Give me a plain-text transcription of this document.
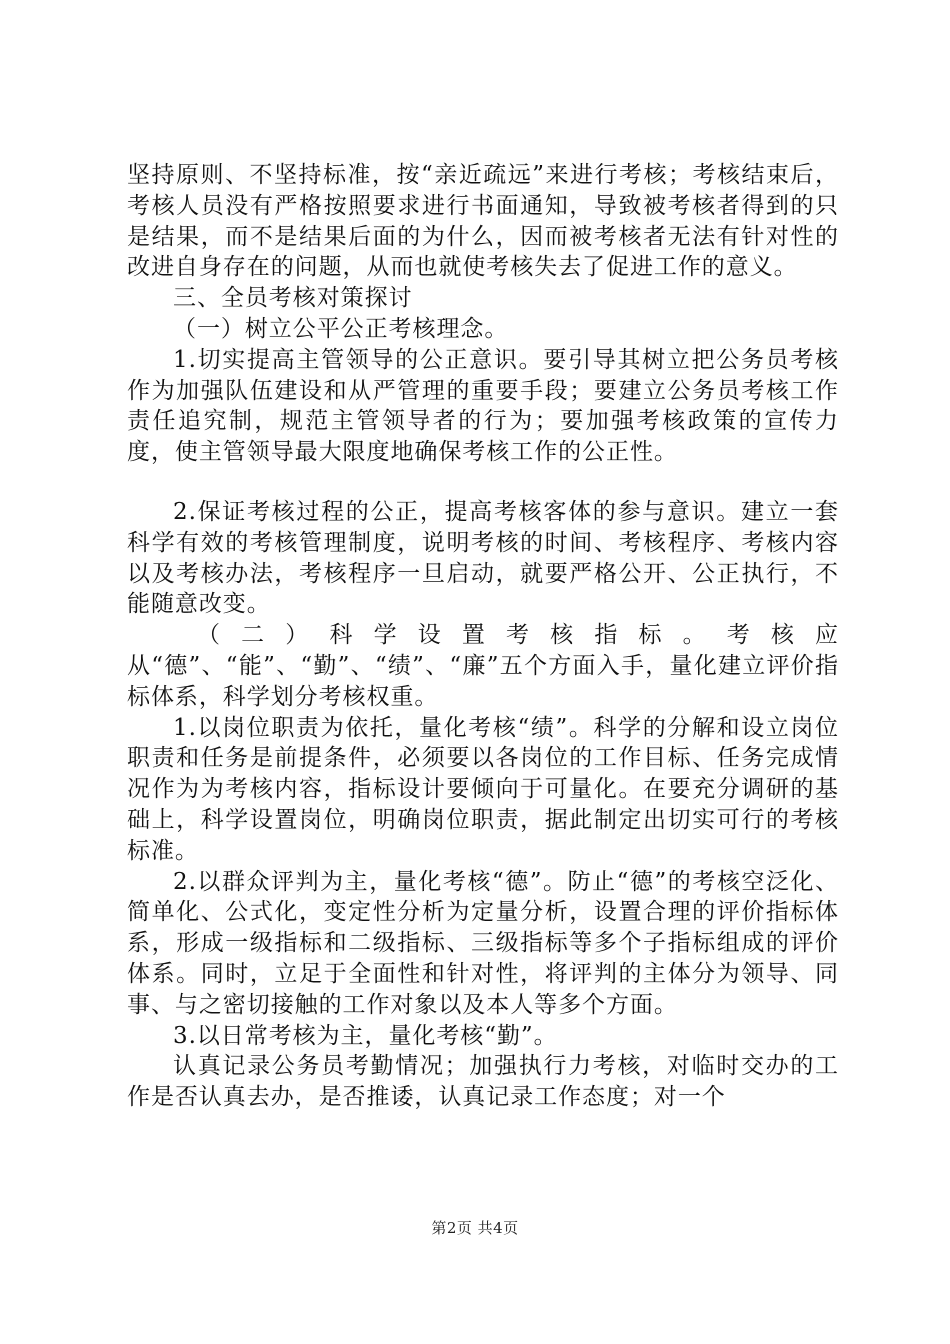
坚持原则、不坚持标准，按“亲近疏远”来进行考核；考核结束后，考核人员没有严格按照要求进行书面通知，导致被考核者得到的只是结果，而不是结果后面的为什么，因而被考核者无法有针对性的改进自身存在的问题，从而也就使考核失去了促进工作的意义。

三、全员考核对策探讨

（一）树立公平公正考核理念。

1.切实提高主管领导的公正意识。要引导其树立把公务员考核作为加强队伍建设和从严管理的重要手段；要建立公务员考核工作责任追究制，规范主管领导者的行为；要加强考核政策的宣传力度，使主管领导最大限度地确保考核工作的公正性。

2.保证考核过程的公正，提高考核客体的参与意识。建立一套科学有效的考核管理制度，说明考核的时间、考核程序、考核内容以及考核办法，考核程序一旦启动，就要严格公开、公正执行，不能随意改变。

（二）科学设置考核指标。考核应从“德”、“能”、“勤”、“绩”、“廉”五个方面入手，量化建立评价指标体系，科学划分考核权重。

1.以岗位职责为依托，量化考核“绩”。科学的分解和设立岗位职责和任务是前提条件，必须要以各岗位的工作目标、任务完成情况作为为考核内容，指标设计要倾向于可量化。在要充分调研的基础上，科学设置岗位，明确岗位职责，据此制定出切实可行的考核标准。

2.以群众评判为主，量化考核“德”。防止“德”的考核空泛化、简单化、公式化，变定性分析为定量分析，设置合理的评价指标体系，形成一级指标和二级指标、三级指标等多个子指标组成的评价体系。同时，立足于全面性和针对性，将评判的主体分为领导、同事、与之密切接触的工作对象以及本人等多个方面。

3.以日常考核为主，量化考核“勤”。

认真记录公务员考勤情况；加强执行力考核，对临时交办的工作是否认真去办，是否推诿，认真记录工作态度；对一个

第2页 共4页
